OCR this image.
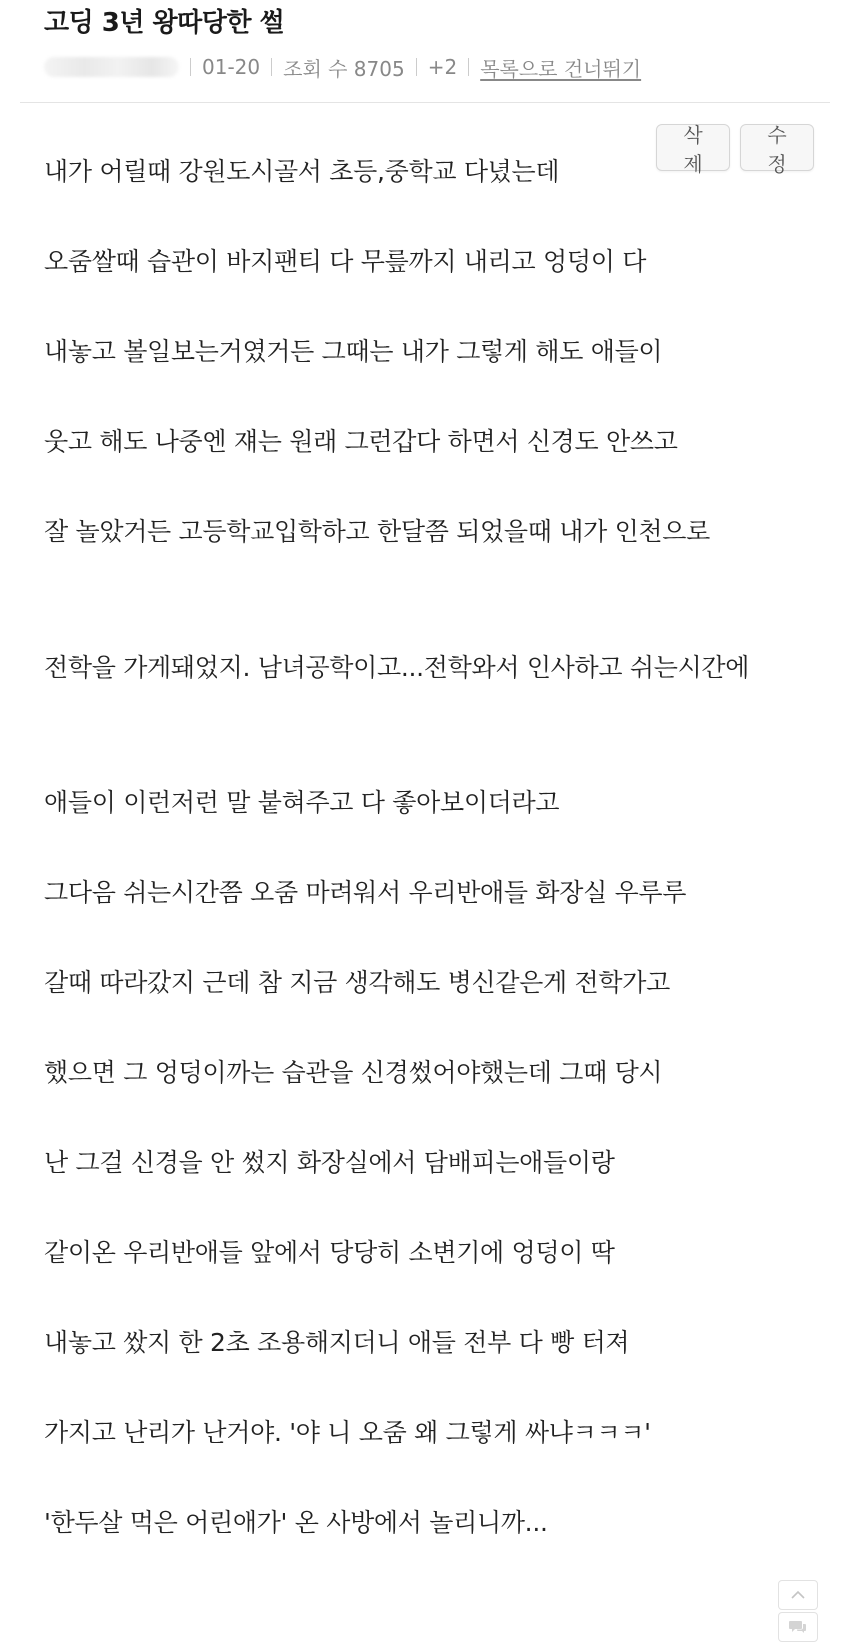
고딩 3년 왕따당한 썰
01-20 조회 수 8705 +2 목록으로 건너뛰기
삭제
수정

내가 어릴때 강원도시골서 초등,중학교 다녔는데

오줌쌀때 습관이 바지팬티 다 무릎까지 내리고 엉덩이 다

내놓고 볼일보는거였거든 그때는 내가 그렇게 해도 애들이

웃고 해도 나중엔 쟤는 원래 그런갑다 하면서 신경도 안쓰고

잘 놀았거든 고등학교입학하고 한달쯤 되었을때 내가 인천으로

전학을 가게돼었지. 남녀공학이고...전학와서 인사하고 쉬는시간에

애들이 이런저런 말 붙혀주고 다 좋아보이더라고

그다음 쉬는시간쯤 오줌 마려워서 우리반애들 화장실 우루루

갈때 따라갔지 근데 참 지금 생각해도 병신같은게 전학가고

했으면 그 엉덩이까는 습관을 신경썼어야했는데 그때 당시

난 그걸 신경을 안 썼지 화장실에서 담배피는애들이랑

같이온 우리반애들 앞에서 당당히 소변기에 엉덩이 딱

내놓고 쌌지 한 2초 조용해지더니 애들 전부 다 빵 터져

가지고 난리가 난거야. '야 니 오줌 왜 그렇게 싸냐ㅋㅋㅋ'

'한두살 먹은 어린애가' 온 사방에서 놀리니까...
